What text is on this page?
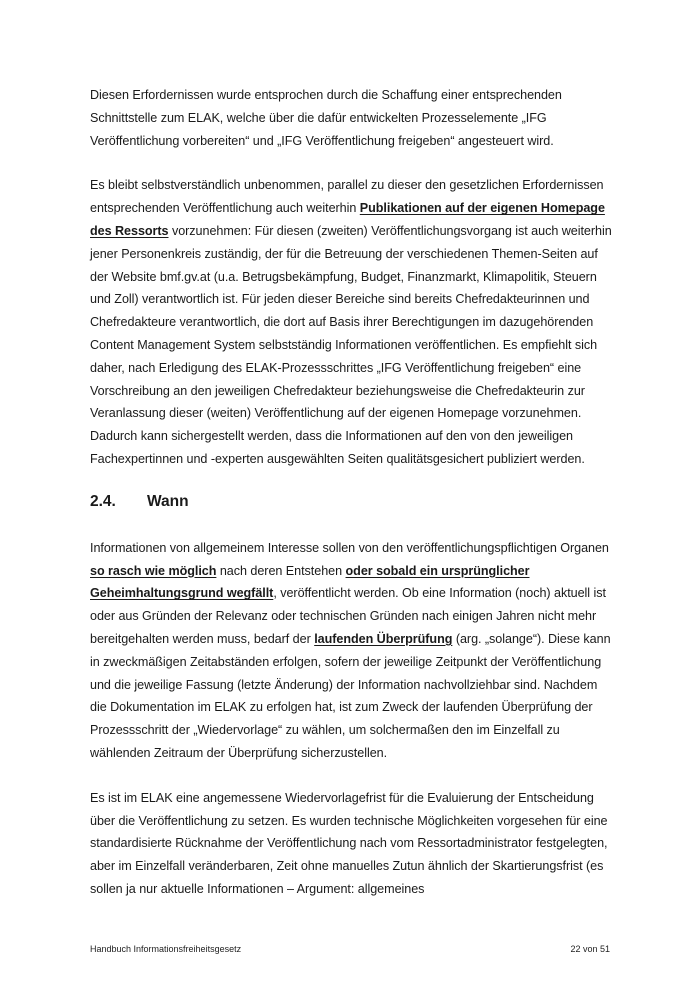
Diesen Erfordernissen wurde entsprochen durch die Schaffung einer entsprechenden Schnittstelle zum ELAK, welche über die dafür entwickelten Prozesselemente „IFG Veröffentlichung vorbereiten“ und „IFG Veröffentlichung freigeben“ angesteuert wird.

Es bleibt selbstverständlich unbenommen, parallel zu dieser den gesetzlichen Erfordernissen entsprechenden Veröffentlichung auch weiterhin Publikationen auf der eigenen Homepage des Ressorts vorzunehmen: Für diesen (zweiten) Veröffentlichungsvorgang ist auch weiterhin jener Personenkreis zuständig, der für die Betreuung der verschiedenen Themen-Seiten auf der Website bmf.gv.at (u.a. Betrugsbekämpfung, Budget, Finanzmarkt, Klimapolitik, Steuern und Zoll) verantwortlich ist. Für jeden dieser Bereiche sind bereits Chefredakteurinnen und Chefredakteure verantwortlich, die dort auf Basis ihrer Berechtigungen im dazugehörenden Content Management System selbstständig Informationen veröffentlichen. Es empfiehlt sich daher, nach Erledigung des ELAK-Prozessschrittes „IFG Veröffentlichung freigeben“ eine Vorschreibung an den jeweiligen Chefredakteur beziehungsweise die Chefredakteurin zur Veranlassung dieser (weiten) Veröffentlichung auf der eigenen Homepage vorzunehmen. Dadurch kann sichergestellt werden, dass die Informationen auf den von den jeweiligen Fachexpertinnen und -experten ausgewählten Seiten qualitätsgesichert publiziert werden.

2.4.	Wann

Informationen von allgemeinem Interesse sollen von den veröffentlichungspflichtigen Organen so rasch wie möglich nach deren Entstehen oder sobald ein ursprünglicher Geheimhaltungsgrund wegfällt, veröffentlicht werden. Ob eine Information (noch) aktuell ist oder aus Gründen der Relevanz oder technischen Gründen nach einigen Jahren nicht mehr bereitgehalten werden muss, bedarf der laufenden Überprüfung (arg. „solange“). Diese kann in zweckmäßigen Zeitabständen erfolgen, sofern der jeweilige Zeitpunkt der Veröffentlichung und die jeweilige Fassung (letzte Änderung) der Information nachvollziehbar sind. Nachdem die Dokumentation im ELAK zu erfolgen hat, ist zum Zweck der laufenden Überprüfung der Prozessschritt der „Wiedervorlage“ zu wählen, um solchermaßen den im Einzelfall zu wählenden Zeitraum der Überprüfung sicherzustellen.

Es ist im ELAK eine angemessene Wiedervorlagefrist für die Evaluierung der Entscheidung über die Veröffentlichung zu setzen. Es wurden technische Möglichkeiten vorgesehen für eine standardisierte Rücknahme der Veröffentlichung nach vom Ressortadministrator festgelegten, aber im Einzelfall veränderbaren, Zeit ohne manuelles Zutun ähnlich der Skartierungsfrist (es sollen ja nur aktuelle Informationen – Argument: allgemeines

Handbuch Informationsfreiheitsgesetz	22 von 51
